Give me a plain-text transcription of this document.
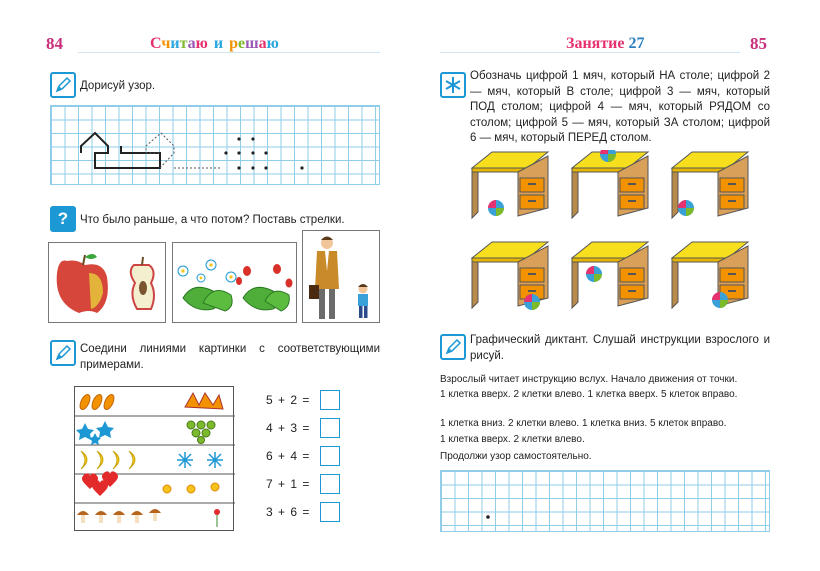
84	Считаю и решаю
Дорисуй узор.
? Что было раньше, а что потом? Поставь стрелки.
Соедини линиями картинки с соответствующими примерами.
5 + 2 =
4 + 3 =
6 + 4 =
7 + 1 =
3 + 6 =
Занятие 27	85
Обозначь цифрой 1 мяч, который НА столе; цифрой 2 — мяч, который В столе; цифрой 3 — мяч, который ПОД столом; цифрой 4 — мяч, который РЯДОМ со столом; цифрой 5 — мяч, который ЗА столом; цифрой 6 — мяч, который ПЕРЕД столом.
Графический диктант. Слушай инструкции взрослого и рисуй.
Взрослый читает инструкцию вслух. Начало движения от точки.
1 клетка вверх. 2 клетки влево. 1 клетка вверх. 5 клеток вправо.
1 клетка вниз. 2 клетки влево. 1 клетка вниз. 5 клеток вправо.
1 клетка вверх. 2 клетки влево.
Продолжи узор самостоятельно.
